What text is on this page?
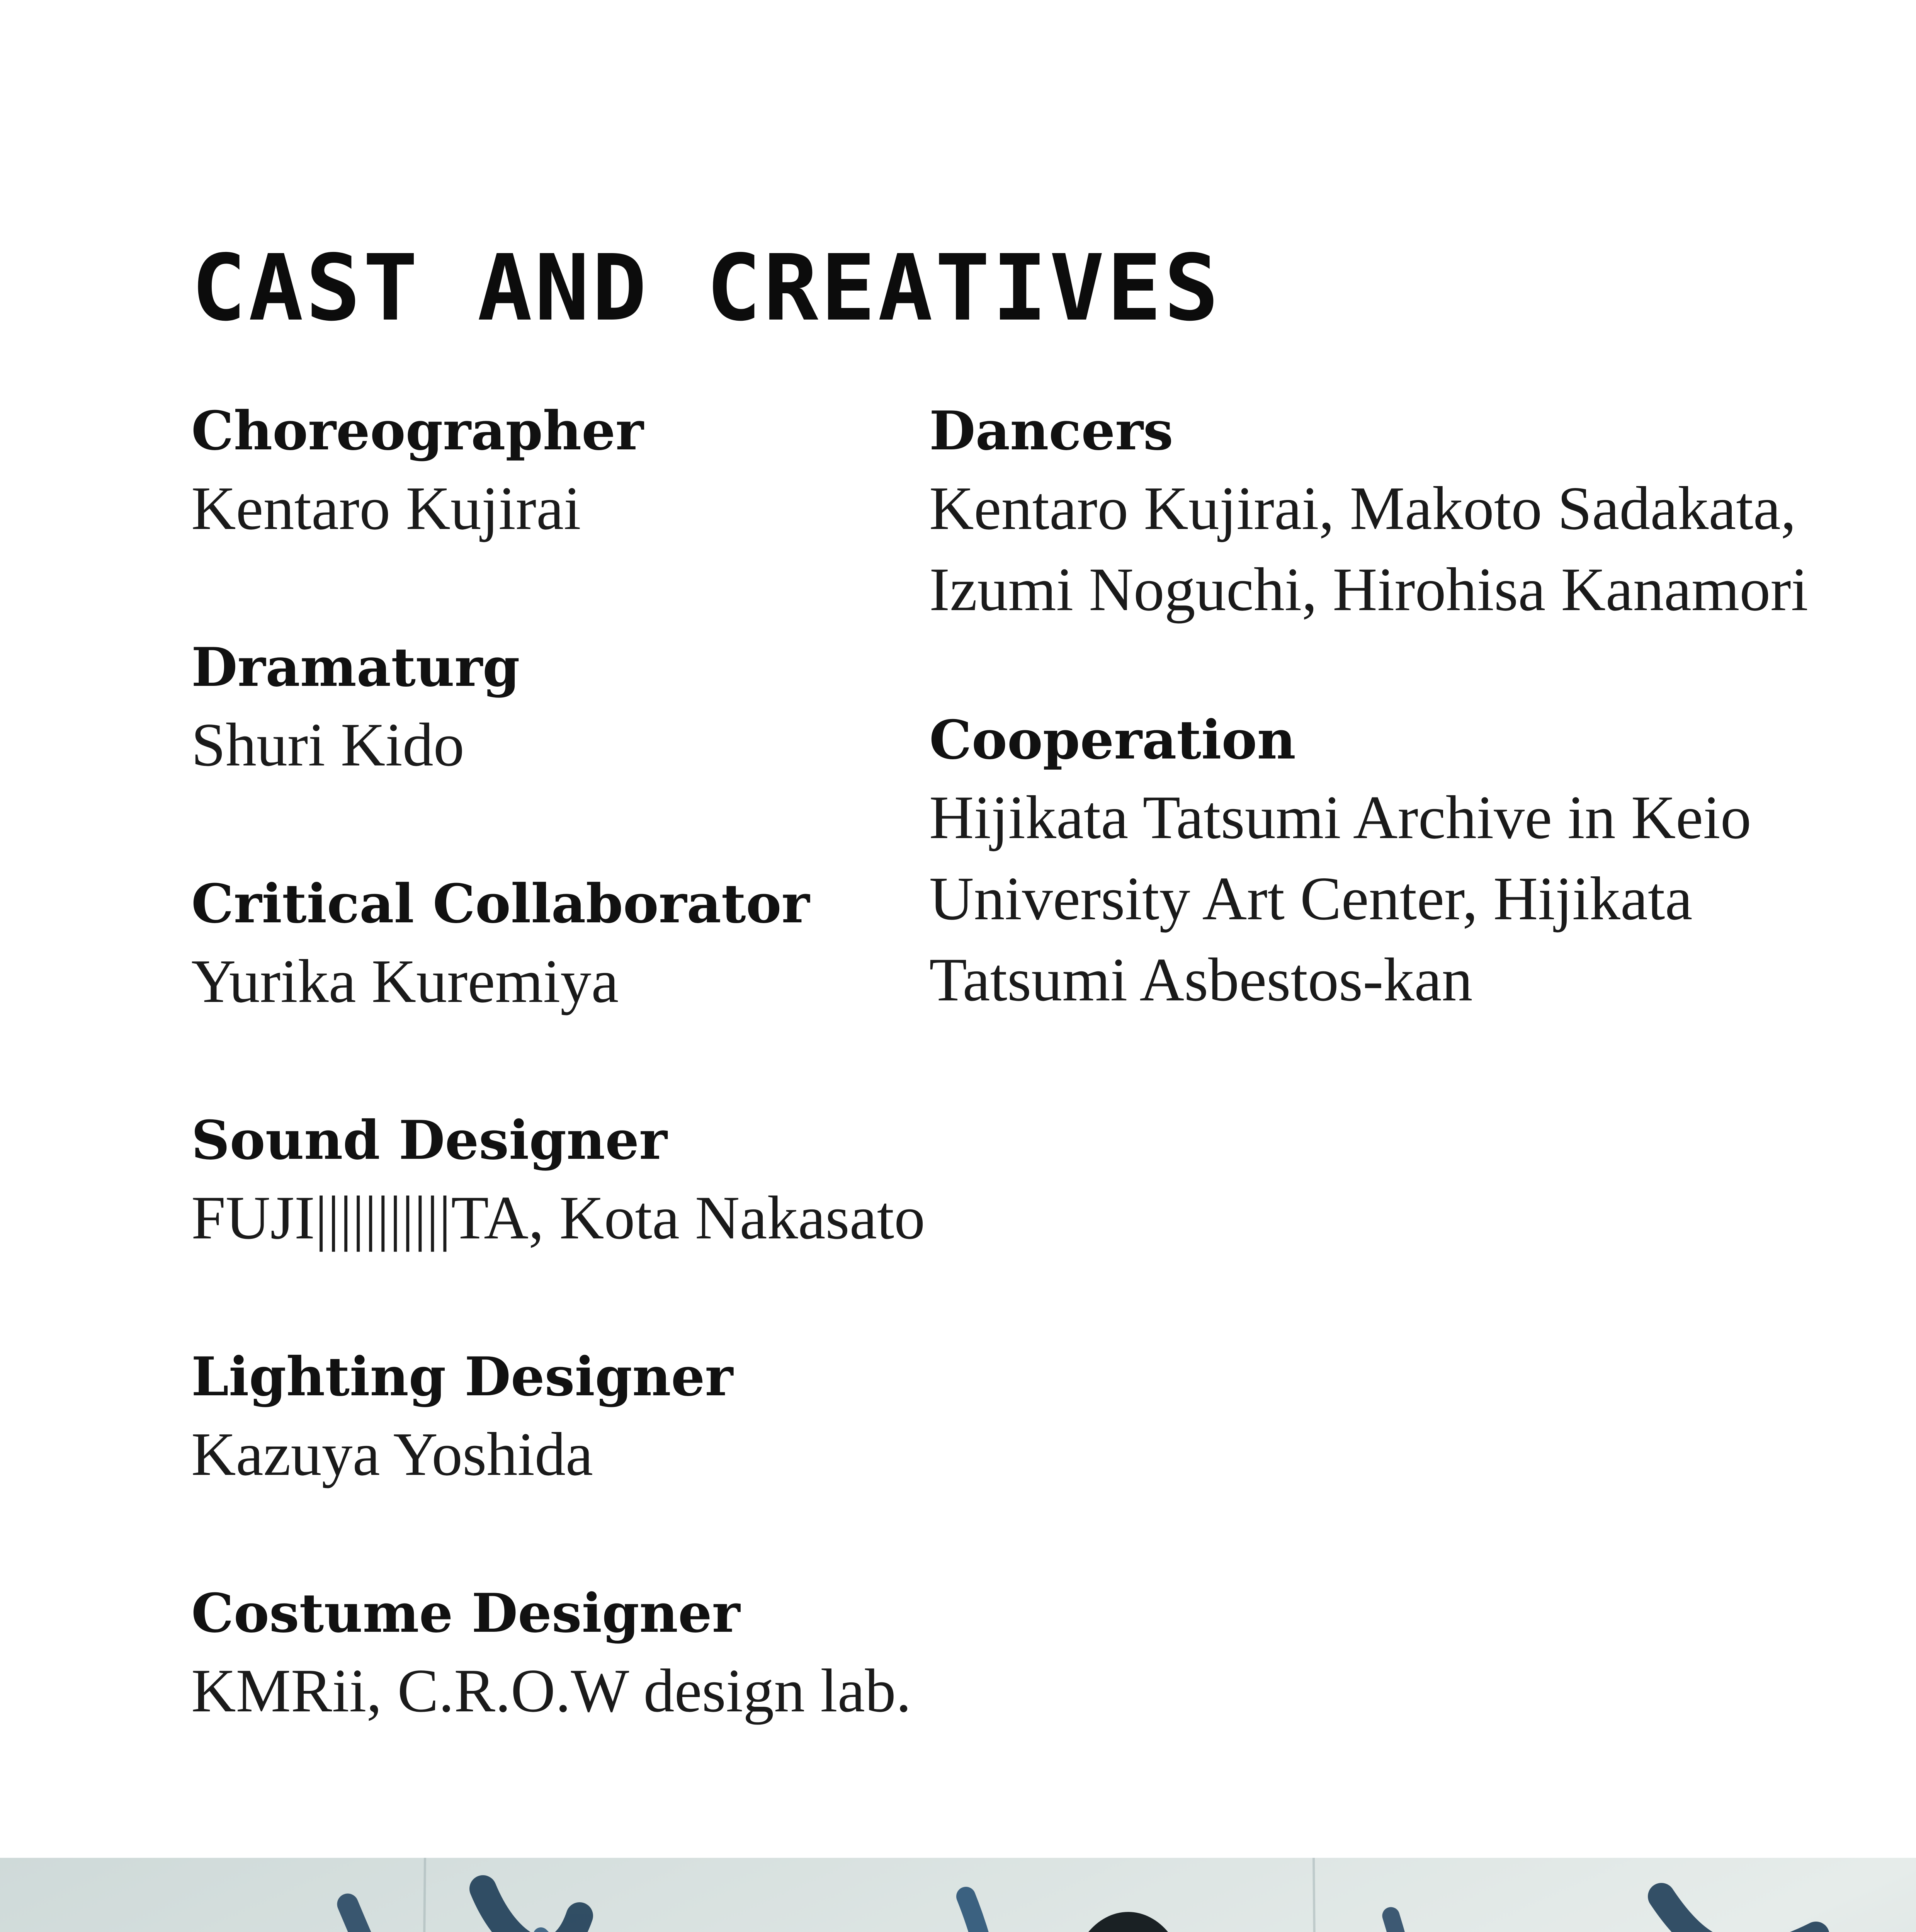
CAST AND CREATIVES
Choreographer
Kentaro Kujirai
Dramaturg
Shuri Kido
Critical Collaborator
Yurika Kuremiya
Sound Designer
FUJI|||||||||||TA, Kota Nakasato
Lighting Designer
Kazuya Yoshida
Costume Designer
KMRii, C.R.O.W design lab.
Dancers
Kentaro Kujirai, Makoto Sadakata,
Izumi Noguchi, Hirohisa Kanamori
Cooperation
Hijikata Tatsumi Archive in Keio
University Art Center, Hijikata
Tatsumi Asbestos-kan
